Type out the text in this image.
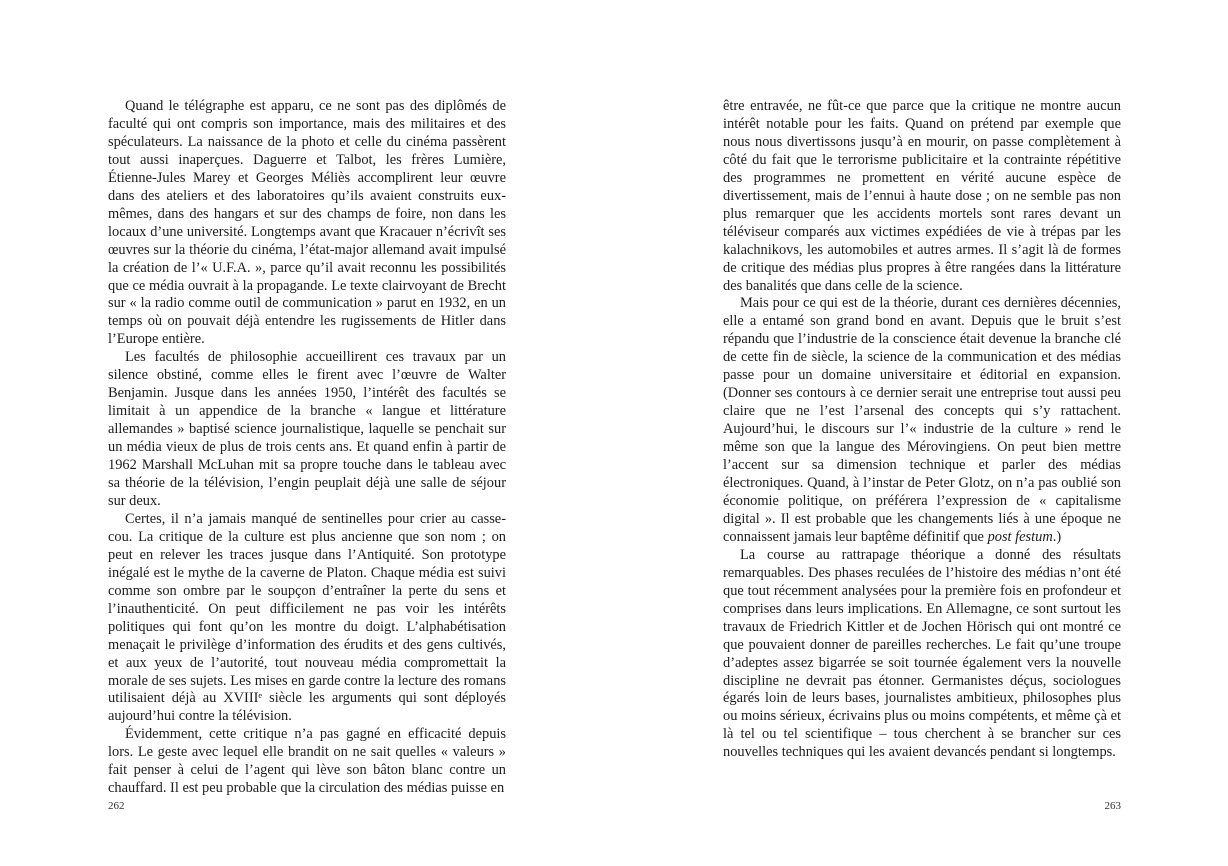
Quand le télégraphe est apparu, ce ne sont pas des diplômés de faculté qui ont compris son importance, mais des militaires et des spéculateurs. La naissance de la photo et celle du cinéma passèrent tout aussi inaperçues. Daguerre et Talbot, les frères Lumière, Étienne-Jules Marey et Georges Méliès accomplirent leur œuvre dans des ateliers et des laboratoires qu’ils avaient construits eux-mêmes, dans des hangars et sur des champs de foire, non dans les locaux d’une université. Longtemps avant que Kracauer n’écrivît ses œuvres sur la théorie du cinéma, l’état-major allemand avait impulsé la création de l’« U.F.A. », parce qu’il avait reconnu les possibilités que ce média ouvrait à la propagande. Le texte clairvoyant de Brecht sur « la radio comme outil de communication » parut en 1932, en un temps où on pouvait déjà entendre les rugissements de Hitler dans l’Europe entière.

Les facultés de philosophie accueillirent ces travaux par un silence obstiné, comme elles le firent avec l’œuvre de Walter Benjamin. Jusque dans les années 1950, l’intérêt des facultés se limitait à un appendice de la branche « langue et littérature allemandes » baptisé science journalistique, laquelle se penchait sur un média vieux de plus de trois cents ans. Et quand enfin à partir de 1962 Marshall McLuhan mit sa propre touche dans le tableau avec sa théorie de la télévision, l’engin peuplait déjà une salle de séjour sur deux.

Certes, il n’a jamais manqué de sentinelles pour crier au casse-cou. La critique de la culture est plus ancienne que son nom ; on peut en relever les traces jusque dans l’Antiquité. Son prototype inégalé est le mythe de la caverne de Platon. Chaque média est suivi comme son ombre par le soupçon d’entraîner la perte du sens et l’inauthenticité. On peut difficilement ne pas voir les intérêts politiques qui font qu’on les montre du doigt. L’alphabétisation menaçait le privilège d’information des érudits et des gens cultivés, et aux yeux de l’autorité, tout nouveau média compromettait la morale de ses sujets. Les mises en garde contre la lecture des romans utilisaient déjà au XVIIIᵉ siècle les arguments qui sont déployés aujourd’hui contre la télévision.

Évidemment, cette critique n’a pas gagné en efficacité depuis lors. Le geste avec lequel elle brandit on ne sait quelles « valeurs » fait penser à celui de l’agent qui lève son bâton blanc contre un chauffard. Il est peu probable que la circulation des médias puisse en

262

être entravée, ne fût-ce que parce que la critique ne montre aucun intérêt notable pour les faits. Quand on prétend par exemple que nous nous divertissons jusqu’à en mourir, on passe complètement à côté du fait que le terrorisme publicitaire et la contrainte répétitive des programmes ne promettent en vérité aucune espèce de divertissement, mais de l’ennui à haute dose ; on ne semble pas non plus remarquer que les accidents mortels sont rares devant un téléviseur comparés aux victimes expédiées de vie à trépas par les kalachnikovs, les automobiles et autres armes. Il s’agit là de formes de critique des médias plus propres à être rangées dans la littérature des banalités que dans celle de la science.

Mais pour ce qui est de la théorie, durant ces dernières décennies, elle a entamé son grand bond en avant. Depuis que le bruit s’est répandu que l’industrie de la conscience était devenue la branche clé de cette fin de siècle, la science de la communication et des médias passe pour un domaine universitaire et éditorial en expansion. (Donner ses contours à ce dernier serait une entreprise tout aussi peu claire que ne l’est l’arsenal des concepts qui s’y rattachent. Aujourd’hui, le discours sur l’« industrie de la culture » rend le même son que la langue des Mérovingiens. On peut bien mettre l’accent sur sa dimension technique et parler des médias électroniques. Quand, à l’instar de Peter Glotz, on n’a pas oublié son économie politique, on préférera l’expression de « capitalisme digital ». Il est probable que les changements liés à une époque ne connaissent jamais leur baptême définitif que post festum.)

La course au rattrapage théorique a donné des résultats remarquables. Des phases reculées de l’histoire des médias n’ont été que tout récemment analysées pour la première fois en profondeur et comprises dans leurs implications. En Allemagne, ce sont surtout les travaux de Friedrich Kittler et de Jochen Hörisch qui ont montré ce que pouvaient donner de pareilles recherches. Le fait qu’une troupe d’adeptes assez bigarrée se soit tournée également vers la nouvelle discipline ne devrait pas étonner. Germanistes déçus, sociologues égarés loin de leurs bases, journalistes ambitieux, philosophes plus ou moins sérieux, écrivains plus ou moins compétents, et même çà et là tel ou tel scientifique – tous cherchent à se brancher sur ces nouvelles techniques qui les avaient devancés pendant si longtemps.

263
